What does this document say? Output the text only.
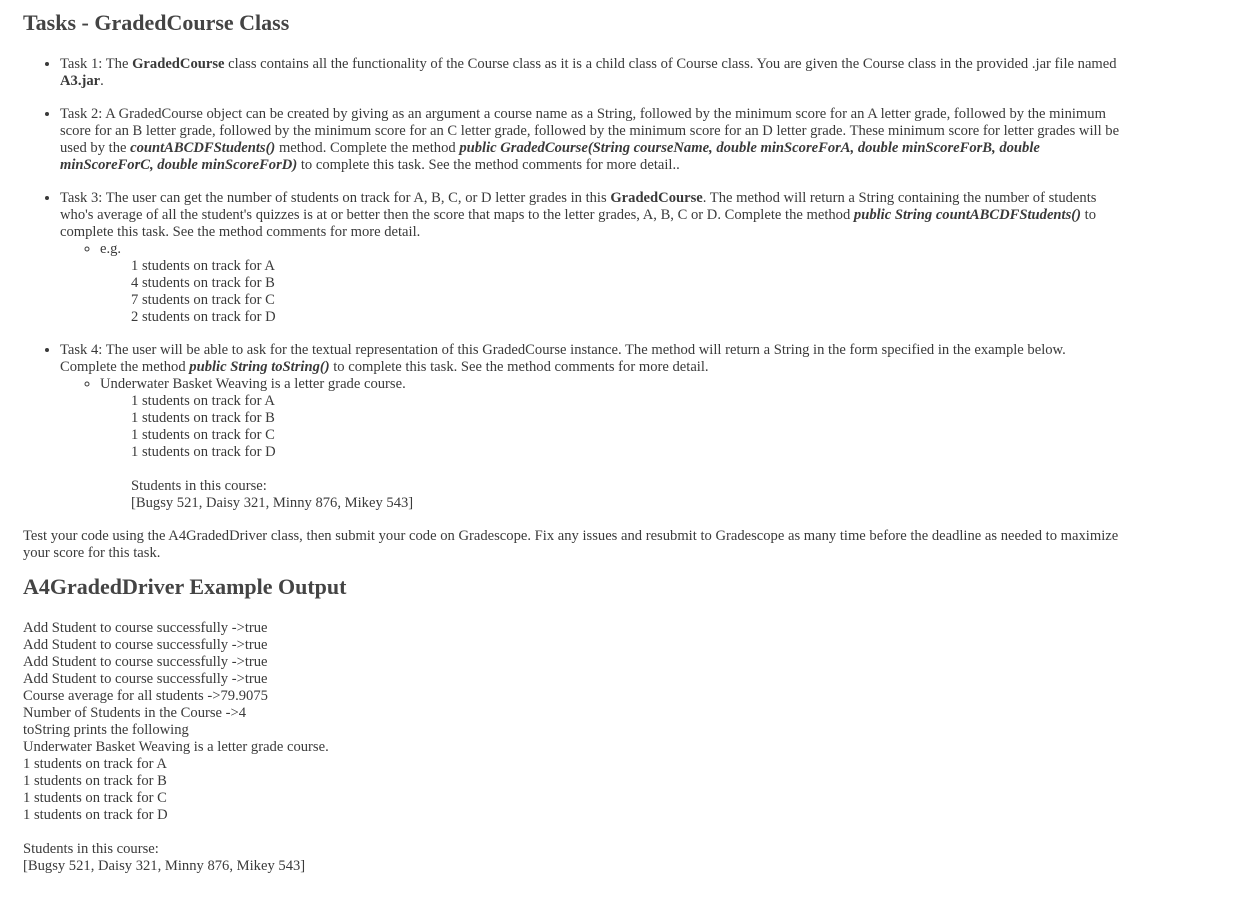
Tasks - GradedCourse Class
• Task 1: The GradedCourse class contains all the functionality of the Course class as it is a child class of Course class. You are given the Course class in the provided .jar file named A3.jar.
• Task 2: A GradedCourse object can be created by giving as an argument a course name as a String, followed by the minimum score for an A letter grade, followed by the minimum score for an B letter grade, followed by the minimum score for an C letter grade, followed by the minimum score for an D letter grade. These minimum score for letter grades will be used by the countABCDFStudents() method. Complete the method public GradedCourse(String courseName, double minScoreForA, double minScoreForB, double minScoreForC, double minScoreForD) to complete this task. See the method comments for more detail..
• Task 3: The user can get the number of students on track for A, B, C, or D letter grades in this GradedCourse. The method will return a String containing the number of students who's average of all the student's quizzes is at or better then the score that maps to the letter grades, A, B, C or D. Complete the method public String countABCDFStudents() to complete this task. See the method comments for more detail.
◦ e.g.
1 students on track for A
4 students on track for B
7 students on track for C
2 students on track for D
• Task 4: The user will be able to ask for the textual representation of this GradedCourse instance. The method will return a String in the form specified in the example below. Complete the method public String toString() to complete this task. See the method comments for more detail.
◦ Underwater Basket Weaving is a letter grade course.
1 students on track for A
1 students on track for B
1 students on track for C
1 students on track for D
Students in this course:
[Bugsy 521, Daisy 321, Minny 876, Mikey 543]

Test your code using the A4GradedDriver class, then submit your code on Gradescope. Fix any issues and resubmit to Gradescope as many time before the deadline as needed to maximize your score for this task.

A4GradedDriver Example Output
Add Student to course successfully ->true
Add Student to course successfully ->true
Add Student to course successfully ->true
Add Student to course successfully ->true
Course average for all students ->79.9075
Number of Students in the Course ->4
toString prints the following
Underwater Basket Weaving is a letter grade course.
1 students on track for A
1 students on track for B
1 students on track for C
1 students on track for D
Students in this course:
[Bugsy 521, Daisy 321, Minny 876, Mikey 543]
